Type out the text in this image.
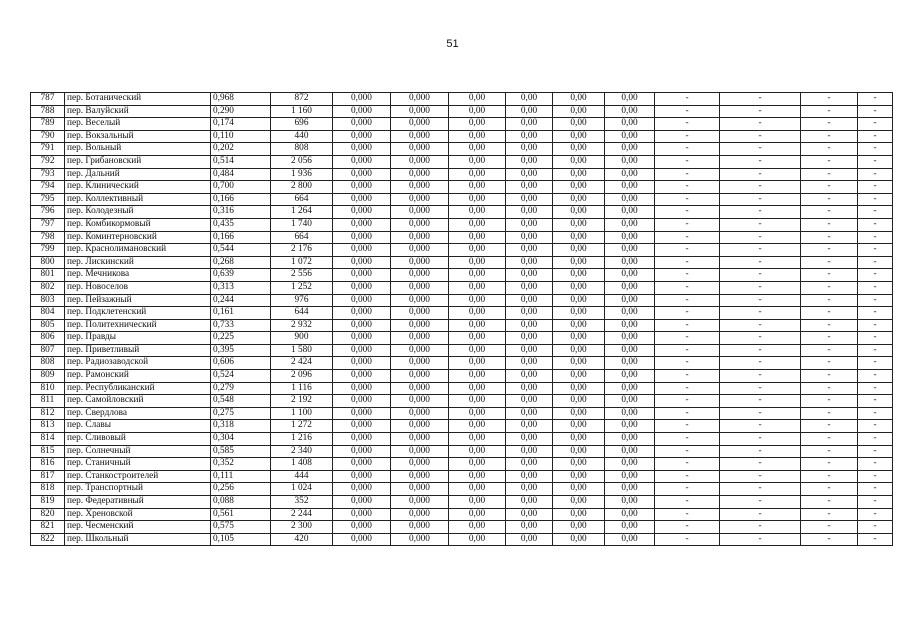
51
787	пер. Ботанический	0,968	872	0,000	0,000	0,00	0,00	0,00	0,00	-	-	-	-
788	пер. Валуйский	0,290	1 160	0,000	0,000	0,00	0,00	0,00	0,00	-	-	-	-
789	пер. Веселый	0,174	696	0,000	0,000	0,00	0,00	0,00	0,00	-	-	-	-
790	пер. Вокзальный	0,110	440	0,000	0,000	0,00	0,00	0,00	0,00	-	-	-	-
791	пер. Вольный	0,202	808	0,000	0,000	0,00	0,00	0,00	0,00	-	-	-	-
792	пер. Грибановский	0,514	2 056	0,000	0,000	0,00	0,00	0,00	0,00	-	-	-	-
793	пер. Дальний	0,484	1 936	0,000	0,000	0,00	0,00	0,00	0,00	-	-	-	-
794	пер. Клинический	0,700	2 800	0,000	0,000	0,00	0,00	0,00	0,00	-	-	-	-
795	пер. Коллективный	0,166	664	0,000	0,000	0,00	0,00	0,00	0,00	-	-	-	-
796	пер. Колодезный	0,316	1 264	0,000	0,000	0,00	0,00	0,00	0,00	-	-	-	-
797	пер. Комбикормовый	0,435	1 740	0,000	0,000	0,00	0,00	0,00	0,00	-	-	-	-
798	пер. Коминтерновский	0,166	664	0,000	0,000	0,00	0,00	0,00	0,00	-	-	-	-
799	пер. Краснолимановский	0,544	2 176	0,000	0,000	0,00	0,00	0,00	0,00	-	-	-	-
800	пер. Лискинский	0,268	1 072	0,000	0,000	0,00	0,00	0,00	0,00	-	-	-	-
801	пер. Мечникова	0,639	2 556	0,000	0,000	0,00	0,00	0,00	0,00	-	-	-	-
802	пер. Новоселов	0,313	1 252	0,000	0,000	0,00	0,00	0,00	0,00	-	-	-	-
803	пер. Пейзажный	0,244	976	0,000	0,000	0,00	0,00	0,00	0,00	-	-	-	-
804	пер. Подклетенский	0,161	644	0,000	0,000	0,00	0,00	0,00	0,00	-	-	-	-
805	пер. Политехнический	0,733	2 932	0,000	0,000	0,00	0,00	0,00	0,00	-	-	-	-
806	пер. Правды	0,225	900	0,000	0,000	0,00	0,00	0,00	0,00	-	-	-	-
807	пер. Приветливый	0,395	1 580	0,000	0,000	0,00	0,00	0,00	0,00	-	-	-	-
808	пер. Радиозаводской	0,606	2 424	0,000	0,000	0,00	0,00	0,00	0,00	-	-	-	-
809	пер. Рамонский	0,524	2 096	0,000	0,000	0,00	0,00	0,00	0,00	-	-	-	-
810	пер. Республиканский	0,279	1 116	0,000	0,000	0,00	0,00	0,00	0,00	-	-	-	-
811	пер. Самойловский	0,548	2 192	0,000	0,000	0,00	0,00	0,00	0,00	-	-	-	-
812	пер. Свердлова	0,275	1 100	0,000	0,000	0,00	0,00	0,00	0,00	-	-	-	-
813	пер. Славы	0,318	1 272	0,000	0,000	0,00	0,00	0,00	0,00	-	-	-	-
814	пер. Сливовый	0,304	1 216	0,000	0,000	0,00	0,00	0,00	0,00	-	-	-	-
815	пер. Солнечный	0,585	2 340	0,000	0,000	0,00	0,00	0,00	0,00	-	-	-	-
816	пер. Станичный	0,352	1 408	0,000	0,000	0,00	0,00	0,00	0,00	-	-	-	-
817	пер. Станкостроителей	0,111	444	0,000	0,000	0,00	0,00	0,00	0,00	-	-	-	-
818	пер. Транспортный	0,256	1 024	0,000	0,000	0,00	0,00	0,00	0,00	-	-	-	-
819	пер. Федеративный	0,088	352	0,000	0,000	0,00	0,00	0,00	0,00	-	-	-	-
820	пер. Хреновской	0,561	2 244	0,000	0,000	0,00	0,00	0,00	0,00	-	-	-	-
821	пер. Чесменский	0,575	2 300	0,000	0,000	0,00	0,00	0,00	0,00	-	-	-	-
822	пер. Школьный	0,105	420	0,000	0,000	0,00	0,00	0,00	0,00	-	-	-	-
